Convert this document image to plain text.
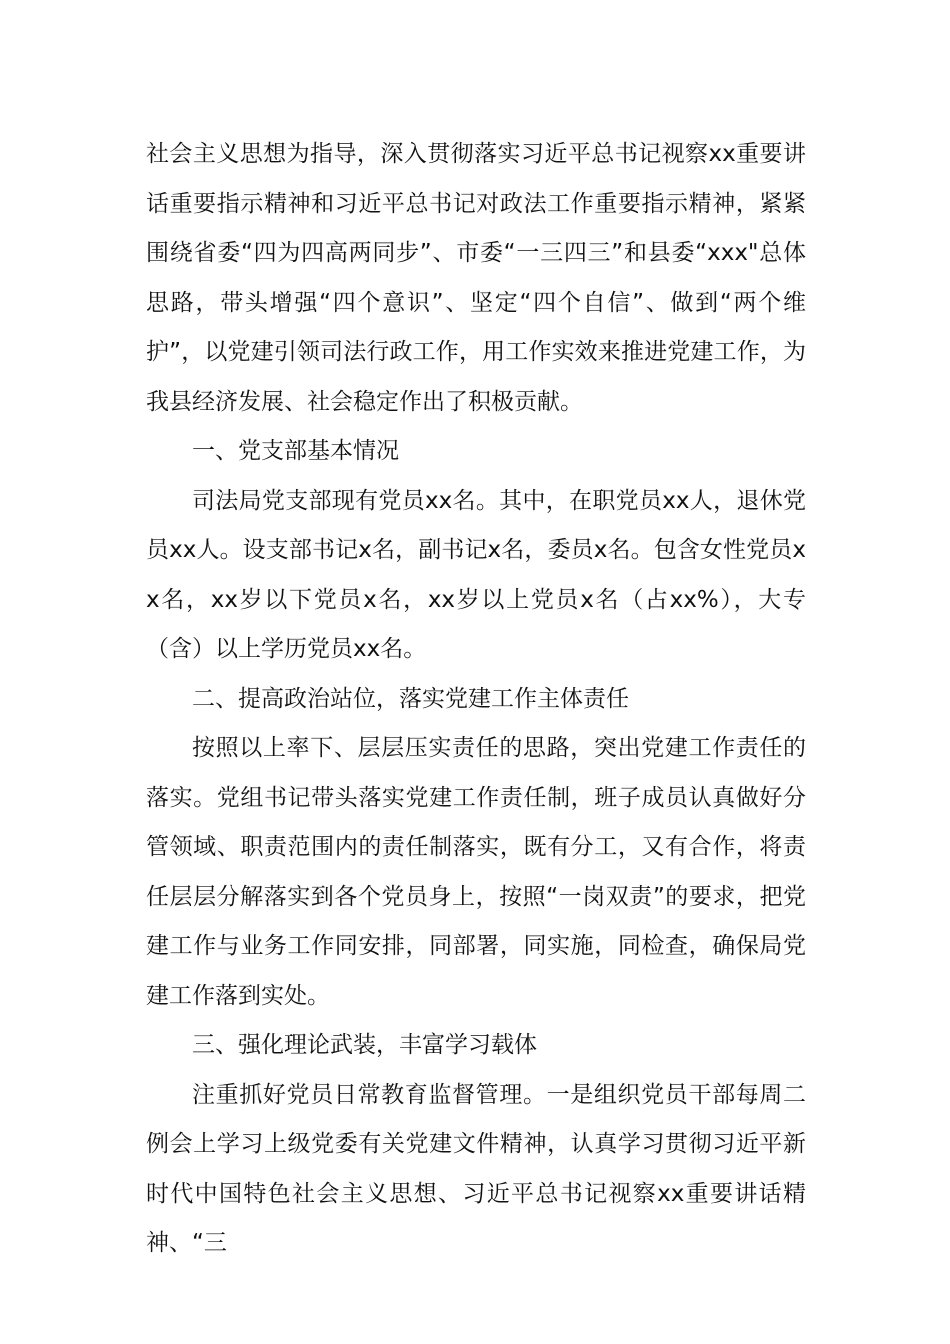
社会主义思想为指导，深入贯彻落实习近平总书记视察xx重要讲话重要指示精神和习近平总书记对政法工作重要指示精神，紧紧围绕省委“四为四高两同步”、市委“一三四三”和县委“xxx"总体思路，带头增强“四个意识”、坚定“四个自信”、做到“两个维护”，以党建引领司法行政工作，用工作实效来推进党建工作，为我县经济发展、社会稳定作出了积极贡献。

一、党支部基本情况

司法局党支部现有党员xx名。其中，在职党员xx人，退休党员xx人。设支部书记x名，副书记x名，委员x名。包含女性党员xx名，xx岁以下党员x名，xx岁以上党员x名（占xx%），大专（含）以上学历党员xx名。

二、提高政治站位，落实党建工作主体责任

按照以上率下、层层压实责任的思路，突出党建工作责任的落实。党组书记带头落实党建工作责任制，班子成员认真做好分管领域、职责范围内的责任制落实，既有分工，又有合作，将责任层层分解落实到各个党员身上，按照“一岗双责”的要求，把党建工作与业务工作同安排，同部署，同实施，同检查，确保局党建工作落到实处。

三、强化理论武装，丰富学习载体

注重抓好党员日常教育监督管理。一是组织党员干部每周二例会上学习上级党委有关党建文件精神，认真学习贯彻习近平新时代中国特色社会主义思想、习近平总书记视察xx重要讲话精神、“三
